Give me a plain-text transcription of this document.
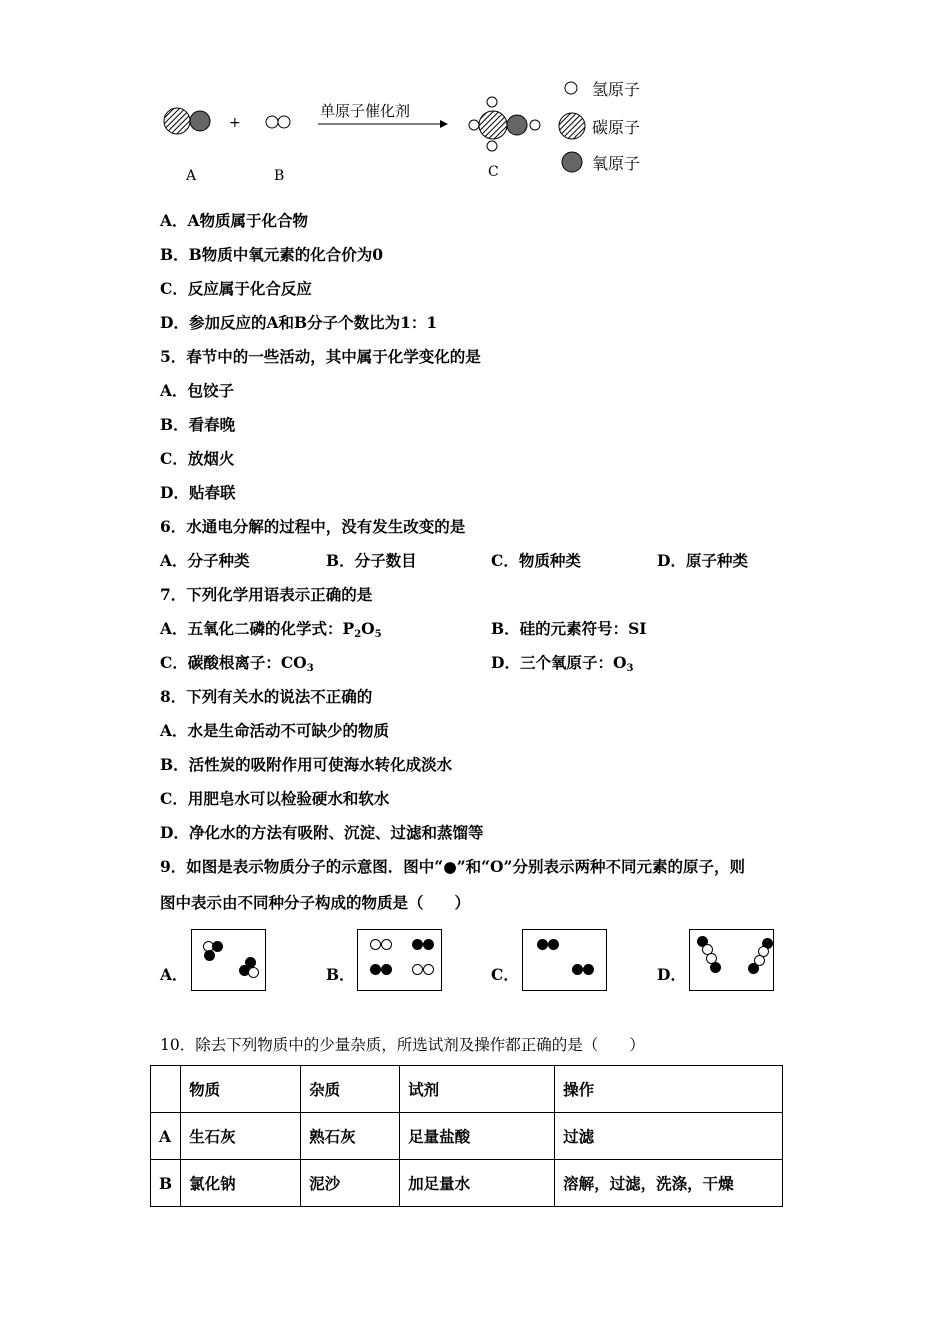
+
单原子催化剂
A	B	C
氢原子
碳原子
氧原子
A．A物质属于化合物
B．B物质中氧元素的化合价为0
C．反应属于化合反应
D．参加反应的A和B分子个数比为1：1
5．春节中的一些活动，其中属于化学变化的是
A．包饺子
B．看春晚
C．放烟火
D．贴春联
6．水通电分解的过程中，没有发生改变的是
A．分子种类	B．分子数目	C．物质种类	D．原子种类
7．下列化学用语表示正确的是
A．五氧化二磷的化学式：$P_2O_5$	B．硅的元素符号：SI
C．碳酸根离子：$CO_3$	D．三个氧原子：$O_3$
8．下列有关水的说法不正确的
A．水是生命活动不可缺少的物质
B．活性炭的吸附作用可使海水转化成淡水
C．用肥皂水可以检验硬水和软水
D．净化水的方法有吸附、沉淀、过滤和蒸馏等
9．如图是表示物质分子的示意图．图中“●”和“O”分别表示两种不同元素的原子，则
图中表示由不同种分子构成的物质是（　　）
A．	B．	C．	D．
10．除去下列物质中的少量杂质，所选试剂及操作都正确的是（　　）
	物质	杂质	试剂	操作
A	生石灰	熟石灰	足量盐酸	过滤
B	氯化钠	泥沙	加足量水	溶解，过滤，洗涤，干燥
